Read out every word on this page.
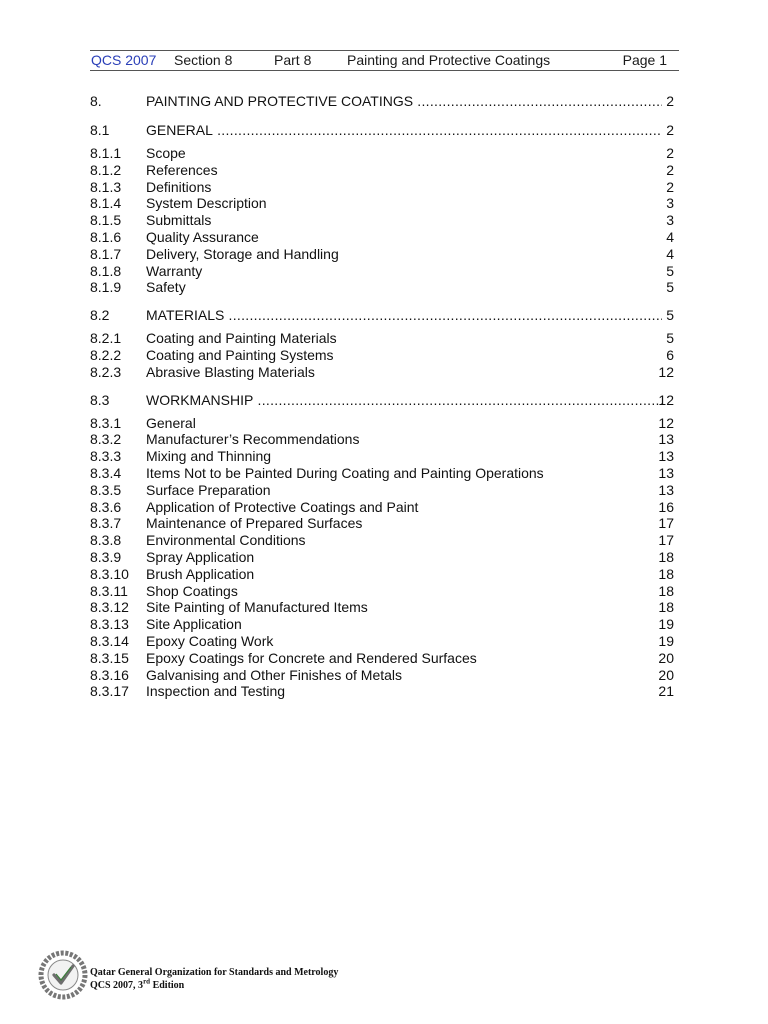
QCS 2007 Section 8	Part 8	Painting and Protective Coatings	Page 1
8.	PAINTING AND PROTECTIVE COATINGS .....	2
8.1	GENERAL .....	2
8.1.1 Scope	2
8.1.2 References	2
8.1.3 Definitions	2
8.1.4 System Description	3
8.1.5 Submittals	3
8.1.6 Quality Assurance	4
8.1.7 Delivery, Storage and Handling	4
8.1.8 Warranty	5
8.1.9 Safety	5
8.2	MATERIALS .....	5
8.2.1 Coating and Painting Materials	5
8.2.2 Coating and Painting Systems	6
8.2.3 Abrasive Blasting Materials	12
8.3	WORKMANSHIP .....	12
8.3.1 General	12
8.3.2 Manufacturer’s Recommendations	13
8.3.3 Mixing and Thinning	13
8.3.4 Items Not to be Painted During Coating and Painting Operations	13
8.3.5 Surface Preparation	13
8.3.6 Application of Protective Coatings and Paint	16
8.3.7 Maintenance of Prepared Surfaces	17
8.3.8 Environmental Conditions	17
8.3.9 Spray Application	18
8.3.10 Brush Application	18
8.3.11 Shop Coatings	18
8.3.12 Site Painting of Manufactured Items	18
8.3.13 Site Application	19
8.3.14 Epoxy Coating Work	19
8.3.15 Epoxy Coatings for Concrete and Rendered Surfaces	20
8.3.16 Galvanising and Other Finishes of Metals	20
8.3.17 Inspection and Testing	21
Qatar General Organization for Standards and Metrology
QCS 2007, 3rd Edition
